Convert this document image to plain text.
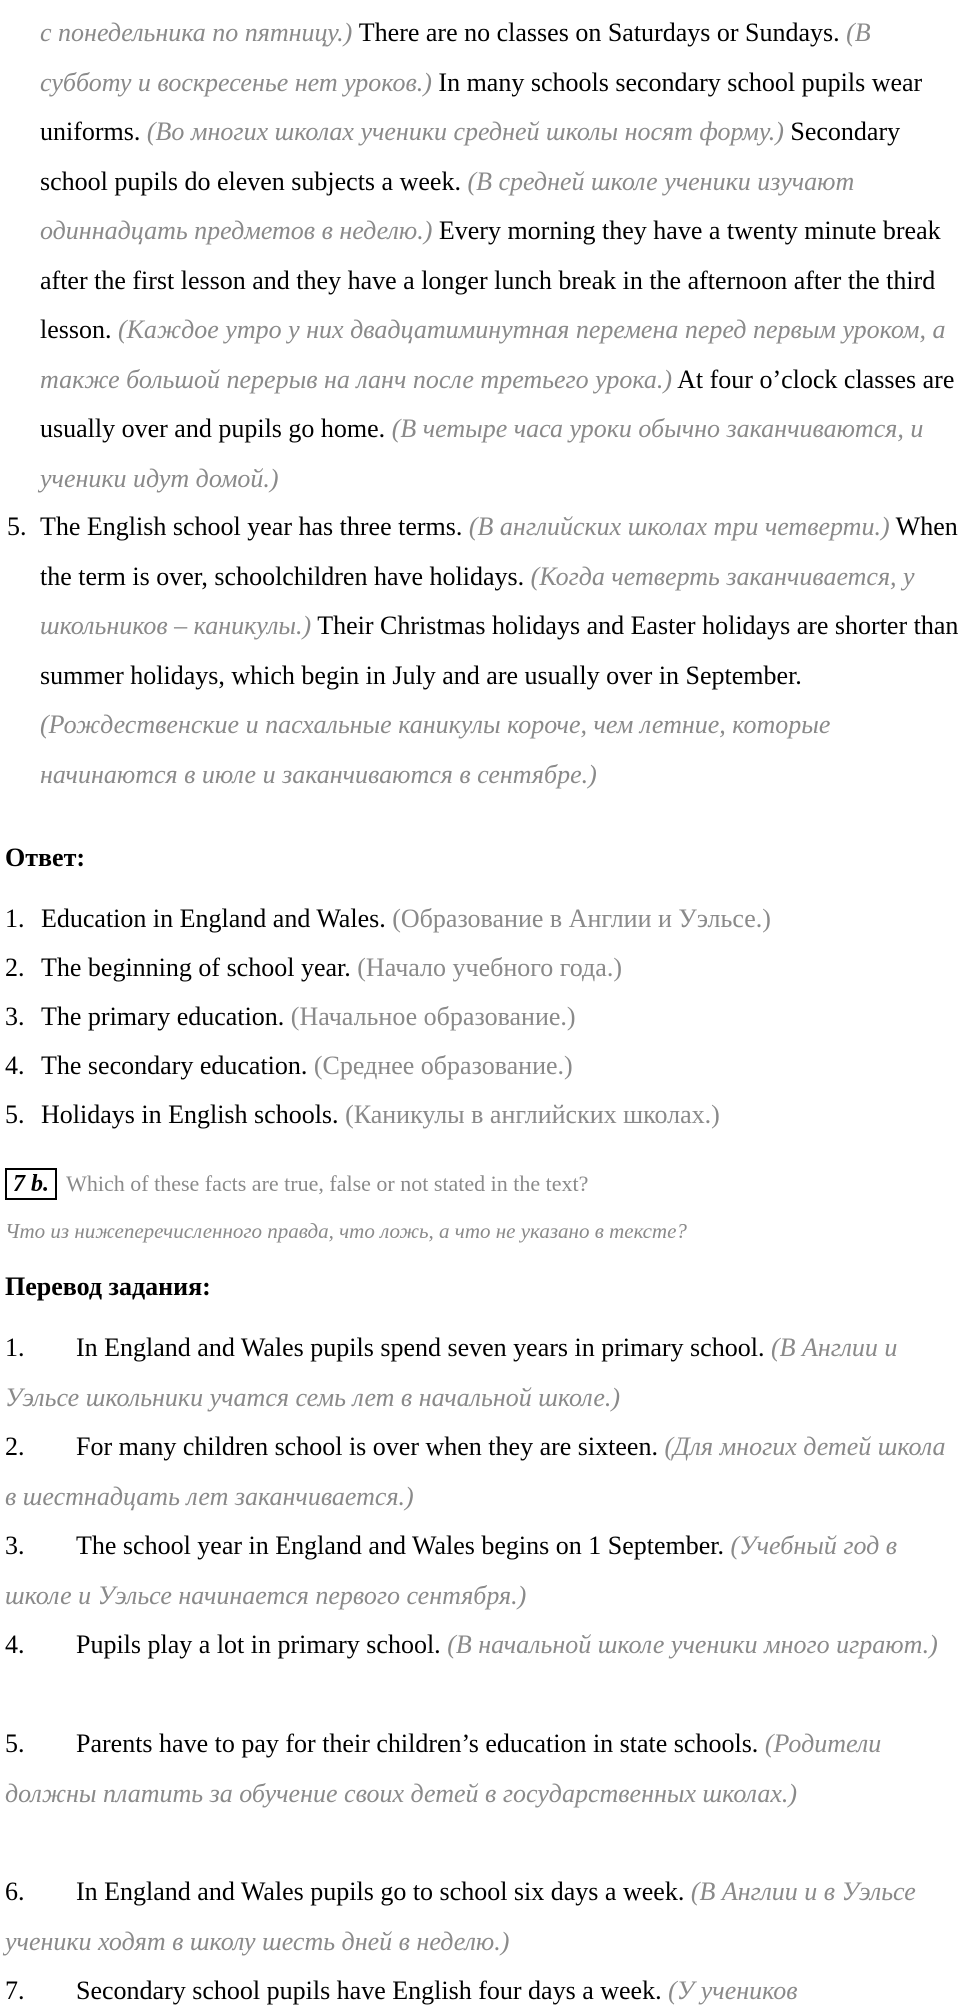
с понедельника по пятницу.) There are no classes on Saturdays or Sundays. (В субботу и воскресенье нет уроков.) In many schools secondary school pupils wear uniforms. (Во многих школах ученики средней школы носят форму.) Secondary school pupils do eleven subjects a week. (В средней школе ученики изучают одиннадцать предметов в неделю.) Every morning they have a twenty minute break after the first lesson and they have a longer lunch break in the afternoon after the third lesson. (Каждое утро у них двадцатиминутная перемена перед первым уроком, а также большой перерыв на ланч после третьего урока.) At four o’clock classes are usually over and pupils go home. (В четыре часа уроки обычно заканчиваются, и ученики идут домой.)
5. The English school year has three terms. (В английских школах три четверти.) When the term is over, schoolchildren have holidays. (Когда четверть заканчивается, у школьников – каникулы.) Their Christmas holidays and Easter holidays are shorter than summer holidays, which begin in July and are usually over in September. (Рождественские и пасхальные каникулы короче, чем летние, которые начинаются в июле и заканчиваются в сентябре.)
Ответ:
1. Education in England and Wales. (Образование в Англии и Уэльсе.)
2. The beginning of school year. (Начало учебного года.)
3. The primary education. (Начальное образование.)
4. The secondary education. (Среднее образование.)
5. Holidays in English schools. (Каникулы в английских школах.)
7 b. Which of these facts are true, false or not stated in the text?
Что из нижеперечисленного правда, что ложь, а что не указано в тексте?
Перевод задания:
1. In England and Wales pupils spend seven years in primary school. (В Англии и Уэльсе школьники учатся семь лет в начальной школе.)
2. For many children school is over when they are sixteen. (Для многих детей школа в шестнадцать лет заканчивается.)
3. The school year in England and Wales begins on 1 September. (Учебный год в школе и Уэльсе начинается первого сентября.)
4. Pupils play a lot in primary school. (В начальной школе ученики много играют.)
5. Parents have to pay for their children’s education in state schools. (Родители должны платить за обучение своих детей в государственных школах.)
6. In England and Wales pupils go to school six days a week. (В Англии и в Уэльсе ученики ходят в школу шесть дней в неделю.)
7. Secondary school pupils have English four days a week. (У учеников
